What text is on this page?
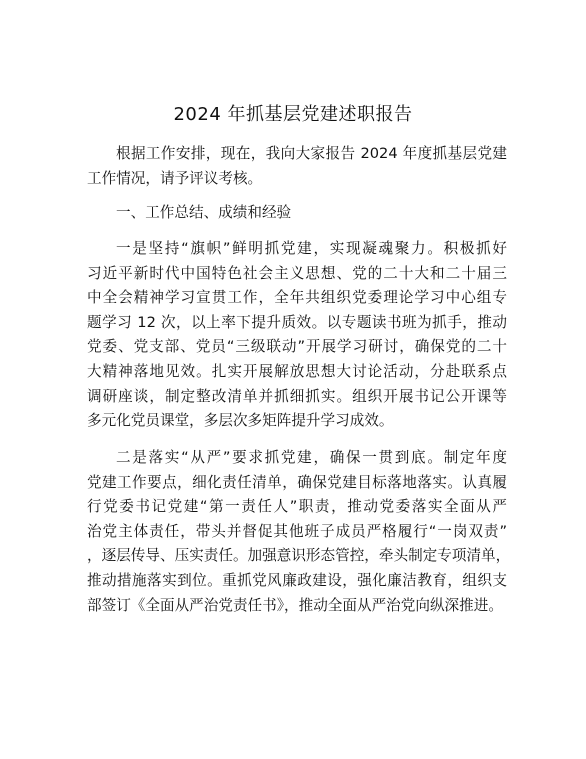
2024 年抓基层党建述职报告
根据工作安排，现在，我向大家报告 2024 年度抓基层党建
工作情况，请予评议考核。
一、工作总结、成绩和经验
一是坚持“旗帜”鲜明抓党建，实现凝魂聚力。积极抓好
习近平新时代中国特色社会主义思想、党的二十大和二十届三
中全会精神学习宣贯工作，全年共组织党委理论学习中心组专
题学习 12 次，以上率下提升质效。以专题读书班为抓手，推动
党委、党支部、党员“三级联动”开展学习研讨，确保党的二十
大精神落地见效。扎实开展解放思想大讨论活动，分赴联系点
调研座谈，制定整改清单并抓细抓实。组织开展书记公开课等
多元化党员课堂，多层次多矩阵提升学习成效。
二是落实“从严”要求抓党建，确保一贯到底。制定年度
党建工作要点，细化责任清单，确保党建目标落地落实。认真履
行党委书记党建“第一责任人”职责，推动党委落实全面从严
治党主体责任，带头并督促其他班子成员严格履行“一岗双责”
，逐层传导、压实责任。加强意识形态管控，牵头制定专项清单，
推动措施落实到位。重抓党风廉政建设，强化廉洁教育，组织支
部签订《全面从严治党责任书》，推动全面从严治党向纵深推进。
